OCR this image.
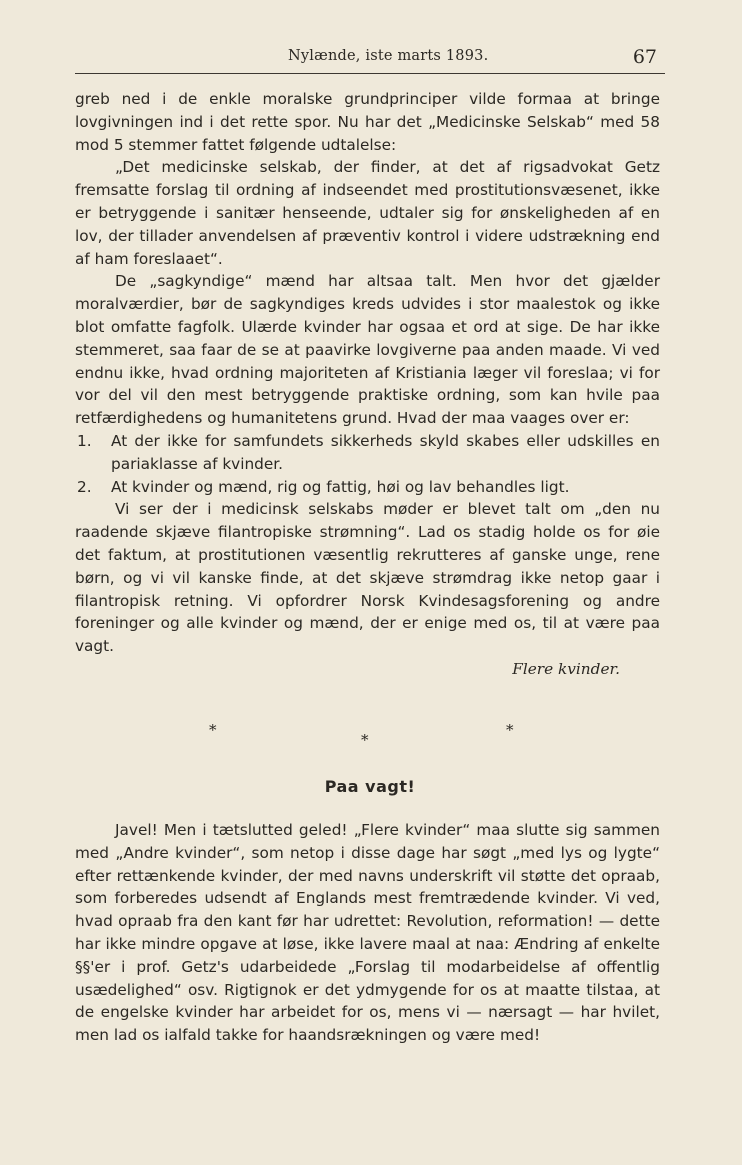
Nylænde, iste marts 1893.	67

greb ned i de enkle moralske grundprinciper vilde formaa at bringe lovgivningen ind i det rette spor. Nu har det „Medicinske Selskab“ med 58 mod 5 stemmer fattet følgende udtalelse:

„Det medicinske selskab, der finder, at det af rigsadvokat Getz fremsatte forslag til ordning af indseendet med prostitutionsvæsenet, ikke er betryggende i sanitær henseende, udtaler sig for ønskeligheden af en lov, der tillader anvendelsen af præventiv kontrol i videre udstrækning end af ham foreslaaet“.

De „sagkyndige“ mænd har altsaa talt. Men hvor det gjælder moralværdier, bør de sagkyndiges kreds udvides i stor maalestok og ikke blot omfatte fagfolk. Ulærde kvinder har ogsaa et ord at sige. De har ikke stemmeret, saa faar de se at paavirke lovgiverne paa anden maade. Vi ved endnu ikke, hvad ordning majoriteten af Kristiania læger vil foreslaa; vi for vor del vil den mest betryggende praktiske ordning, som kan hvile paa retfærdighedens og humanitetens grund. Hvad der maa vaages over er:

1. At der ikke for samfundets sikkerheds skyld skabes eller udskilles en pariaklasse af kvinder.
2. At kvinder og mænd, rig og fattig, høi og lav behandles ligt.

Vi ser der i medicinsk selskabs møder er blevet talt om „den nu raadende skjæve filantropiske strømning“. Lad os stadig holde os for øie det faktum, at prostitutionen væsentlig rekrutteres af ganske unge, rene børn, og vi vil kanske finde, at det skjæve strømdrag ikke netop gaar i filantropisk retning. Vi opfordrer Norsk Kvindesagsforening og andre foreninger og alle kvinder og mænd, der er enige med os, til at være paa vagt.

Flere kvinder.

*	*
*
Paa vagt!

Javel! Men i tætslutted geled! „Flere kvinder“ maa slutte sig sammen med „Andre kvinder“, som netop i disse dage har søgt „med lys og lygte“ efter rettænkende kvinder, der med navns underskrift vil støtte det opraab, som forberedes udsendt af Englands mest fremtrædende kvinder. Vi ved, hvad opraab fra den kant før har udrettet: Revolution, reformation! — dette har ikke mindre opgave at løse, ikke lavere maal at naa: Ændring af enkelte §§'er i prof. Getz's udarbeidede „Forslag til modarbeidelse af offentlig usædelighed“ osv. Rigtignok er det ydmygende for os at maatte tilstaa, at de engelske kvinder har arbeidet for os, mens vi — nærsagt — har hvilet, men lad os ialfald takke for haandsrækningen og være med!
